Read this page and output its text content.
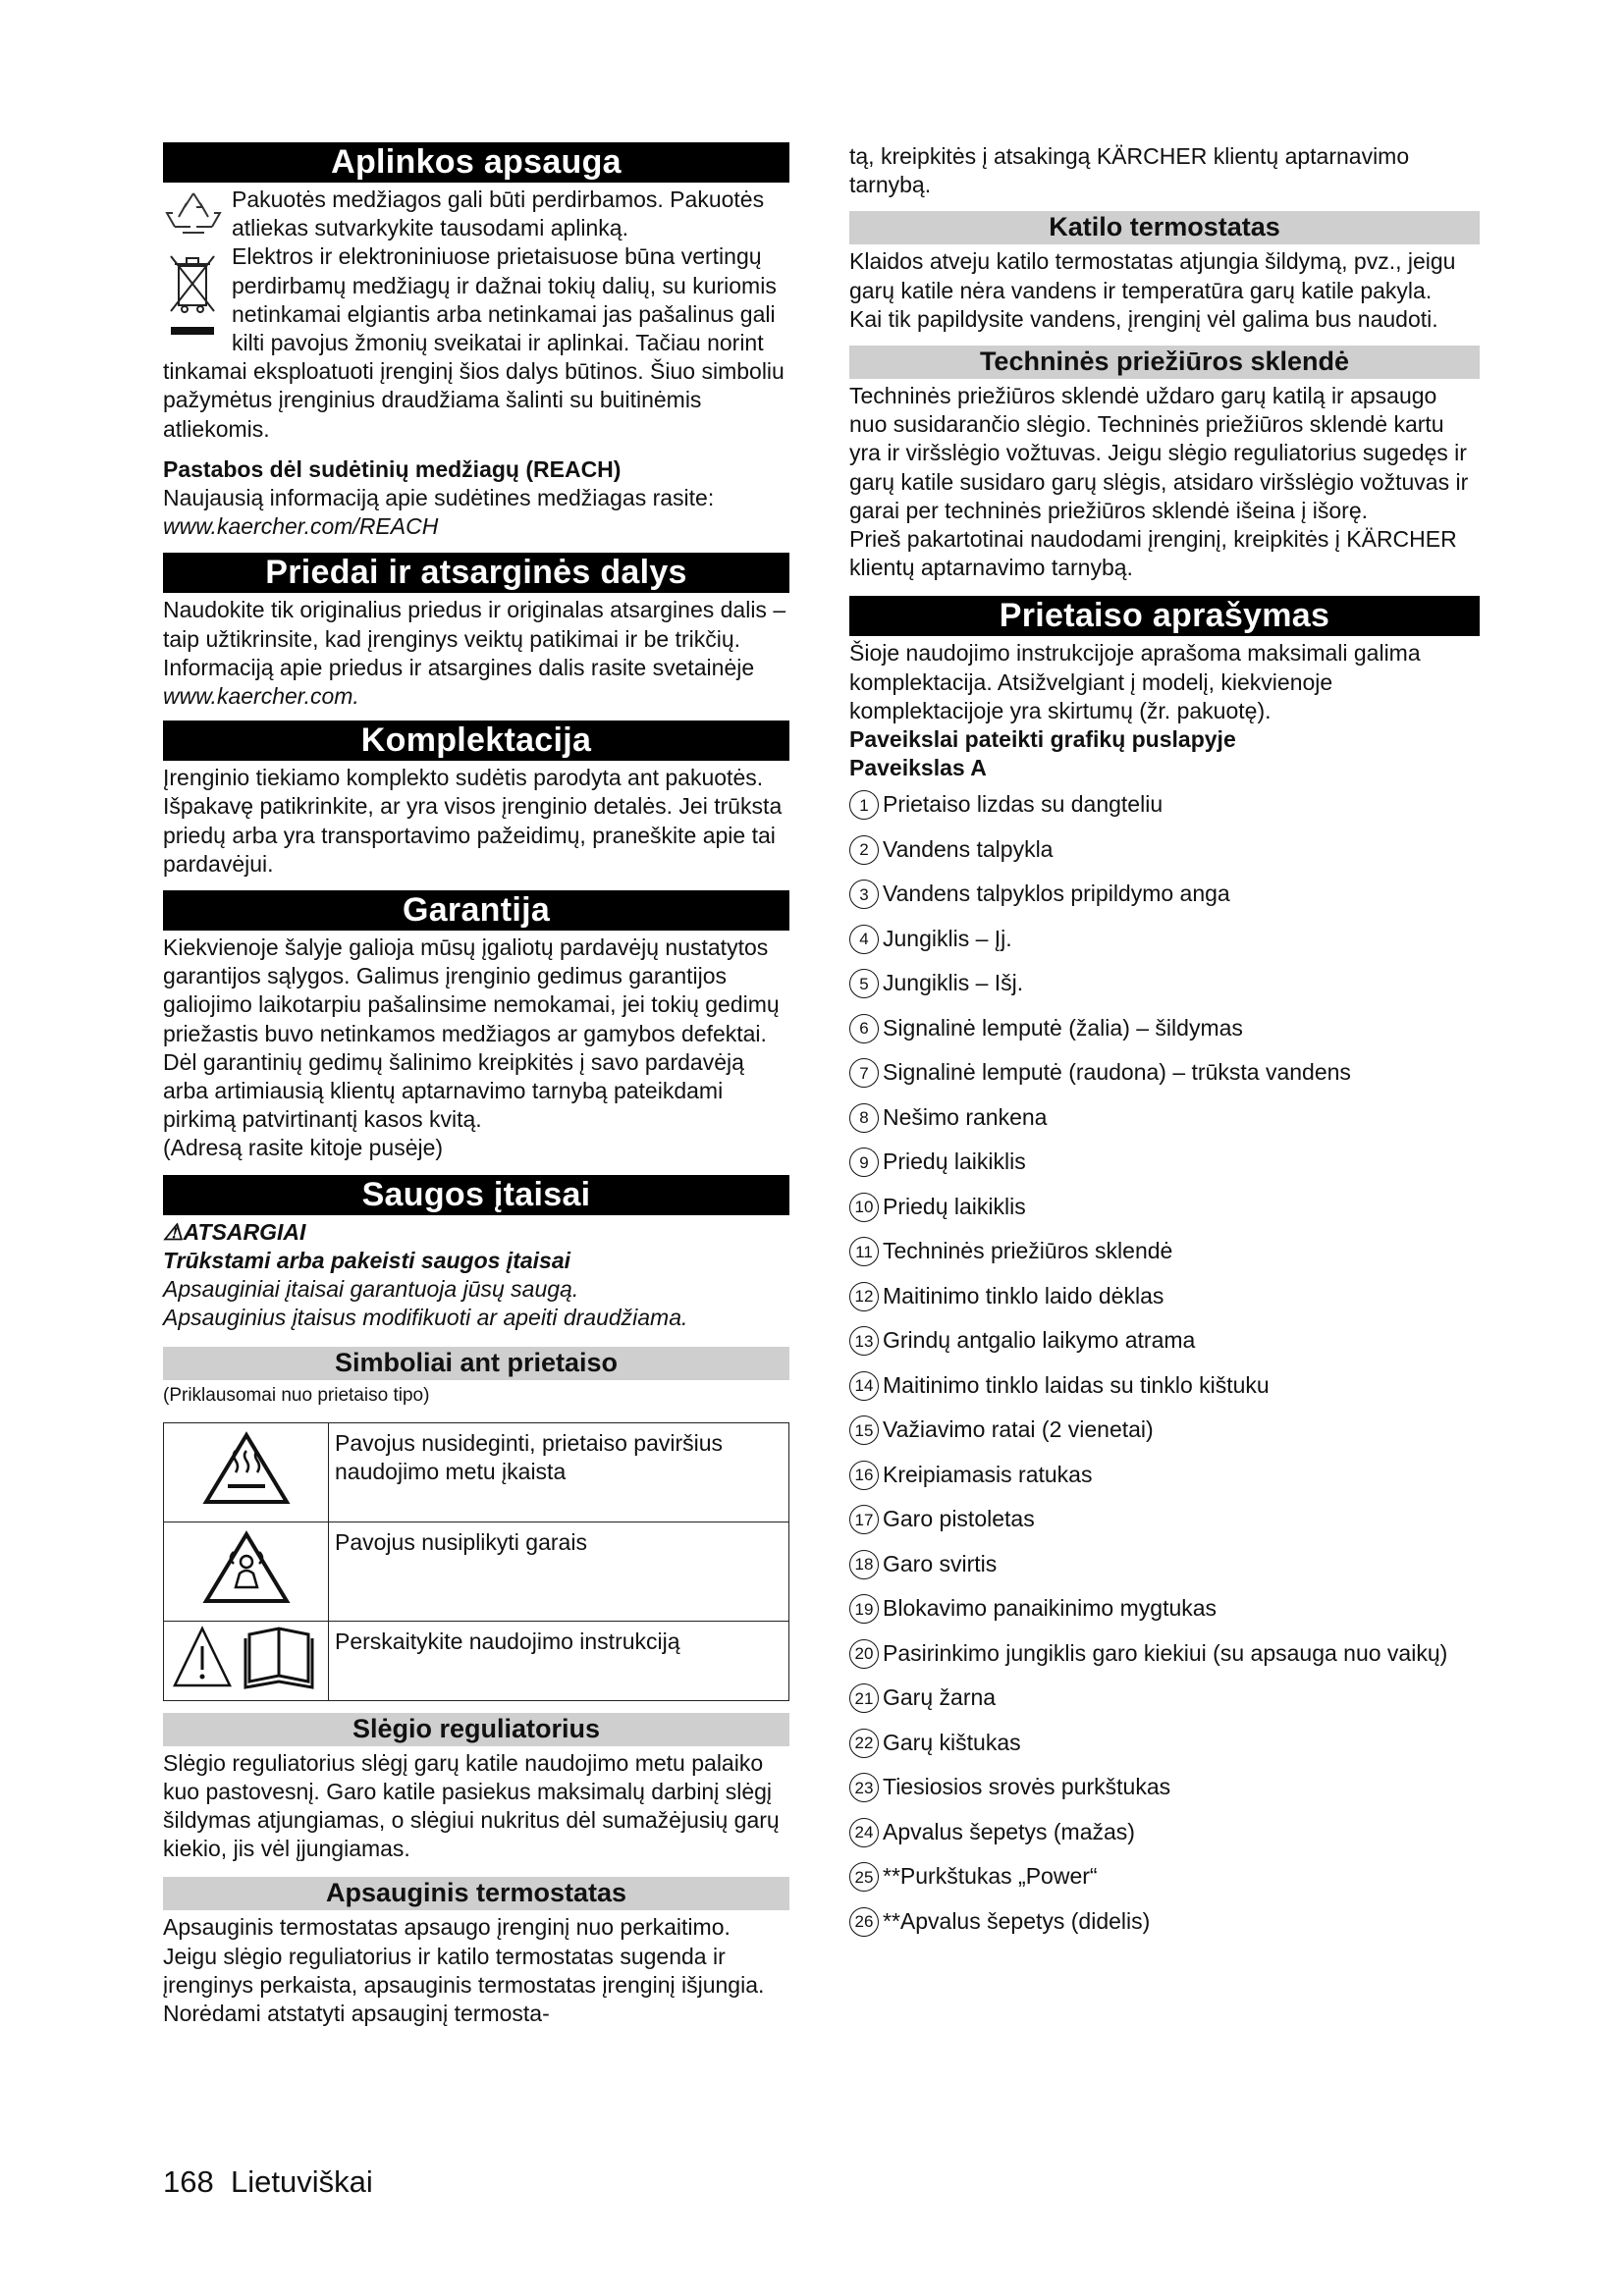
Aplinkos apsauga

Pakuotės medžiagos gali būti perdirbamos. Pakuotės atliekas sutvarkykite tausodami aplinką.

Elektros ir elektroniniuose prietaisuose būna vertingų perdirbamų medžiagų ir dažnai tokių dalių, su kuriomis netinkamai elgiantis arba netinkamai jas pašalinus gali kilti pavojus žmonių sveikatai ir aplinkai. Tačiau norint tinkamai eksploatuoti įrenginį šios dalys būtinos. Šiuo simboliu pažymėtus įrenginius draudžiama šalinti su buitinėmis atliekomis.

Pastabos dėl sudėtinių medžiagų (REACH)

Naujausią informaciją apie sudėtines medžiagas rasite:

www.kaercher.com/REACH

Priedai ir atsarginės dalys

Naudokite tik originalius priedus ir originalas atsargines dalis – taip užtikrinsite, kad įrenginys veiktų patikimai ir be trikčių.

Informaciją apie priedus ir atsargines dalis rasite svetainėje www.kaercher.com.

Komplektacija

Įrenginio tiekiamo komplekto sudėtis parodyta ant pakuotės. Išpakavę patikrinkite, ar yra visos įrenginio detalės. Jei trūksta priedų arba yra transportavimo pažeidimų, praneškite apie tai pardavėjui.

Garantija

Kiekvienoje šalyje galioja mūsų įgaliotų pardavėjų nustatytos garantijos sąlygos. Galimus įrenginio gedimus garantijos galiojimo laikotarpiu pašalinsime nemokamai, jei tokių gedimų priežastis buvo netinkamos medžiagos ar gamybos defektai. Dėl garantinių gedimų šalinimo kreipkitės į savo pardavėją arba artimiausią klientų aptarnavimo tarnybą pateikdami pirkimą patvirtinantį kasos kvitą.

(Adresą rasite kitoje pusėje)

Saugos įtaisai

⚠ATSARGIAI

Trūkstami arba pakeisti saugos įtaisai

Apsauginiai įtaisai garantuoja jūsų saugą.

Apsauginius įtaisus modifikuoti ar apeiti draudžiama.

Simboliai ant prietaiso

(Priklausomai nuo prietaiso tipo)

	Pavojus nusideginti, prietaiso paviršius naudojimo metu įkaista
	Pavojus nusiplikyti garais
	Perskaitykite naudojimo instrukciją
Slėgio reguliatorius

Slėgio reguliatorius slėgį garų katile naudojimo metu palaiko kuo pastovesnį. Garo katile pasiekus maksimalų darbinį slėgį šildymas atjungiamas, o slėgiui nukritus dėl sumažėjusių garų kiekio, jis vėl įjungiamas.

Apsauginis termostatas

Apsauginis termostatas apsaugo įrenginį nuo perkaitimo. Jeigu slėgio reguliatorius ir katilo termostatas sugenda ir įrenginys perkaista, apsauginis termostatas įrenginį išjungia. Norėdami atstatyti apsauginį termosta-

tą, kreipkitės į atsakingą KÄRCHER klientų aptarnavimo tarnybą.

Katilo termostatas

Klaidos atveju katilo termostatas atjungia šildymą, pvz., jeigu garų katile nėra vandens ir temperatūra garų katile pakyla.

Kai tik papildysite vandens, įrenginį vėl galima bus naudoti.

Techninės priežiūros sklendė

Techninės priežiūros sklendė uždaro garų katilą ir apsaugo nuo susidarančio slėgio. Techninės priežiūros sklendė kartu yra ir viršslėgio vožtuvas. Jeigu slėgio reguliatorius sugedęs ir garų katile susidaro garų slėgis, atsidaro viršslėgio vožtuvas ir garai per techninės priežiūros sklendė išeina į išorę.

Prieš pakartotinai naudodami įrenginį, kreipkitės į KÄRCHER klientų aptarnavimo tarnybą.

Prietaiso aprašymas

Šioje naudojimo instrukcijoje aprašoma maksimali galima komplektacija. Atsižvelgiant į modelį, kiekvienoje komplektacijoje yra skirtumų (žr. pakuotę).

Paveikslai pateikti grafikų puslapyje

Paveikslas A

1 Prietaiso lizdas su dangteliu
2 Vandens talpykla
3 Vandens talpyklos pripildymo anga
4 Jungiklis – Įj.
5 Jungiklis – Išj.
6 Signalinė lemputė (žalia) – šildymas
7 Signalinė lemputė (raudona) – trūksta vandens
8 Nešimo rankena
9 Priedų laikiklis
10 Priedų laikiklis
11 Techninės priežiūros sklendė
12 Maitinimo tinklo laido dėklas
13 Grindų antgalio laikymo atrama
14 Maitinimo tinklo laidas su tinklo kištuku
15 Važiavimo ratai (2 vienetai)
16 Kreipiamasis ratukas
17 Garo pistoletas
18 Garo svirtis
19 Blokavimo panaikinimo mygtukas
20 Pasirinkimo jungiklis garo kiekiui (su apsauga nuo vaikų)
21 Garų žarna
22 Garų kištukas
23 Tiesiosios srovės purkštukas
24 Apvalus šepetys (mažas)
25 **Purkštukas „Power“
26 **Apvalus šepetys (didelis)
168 Lietuviškai
